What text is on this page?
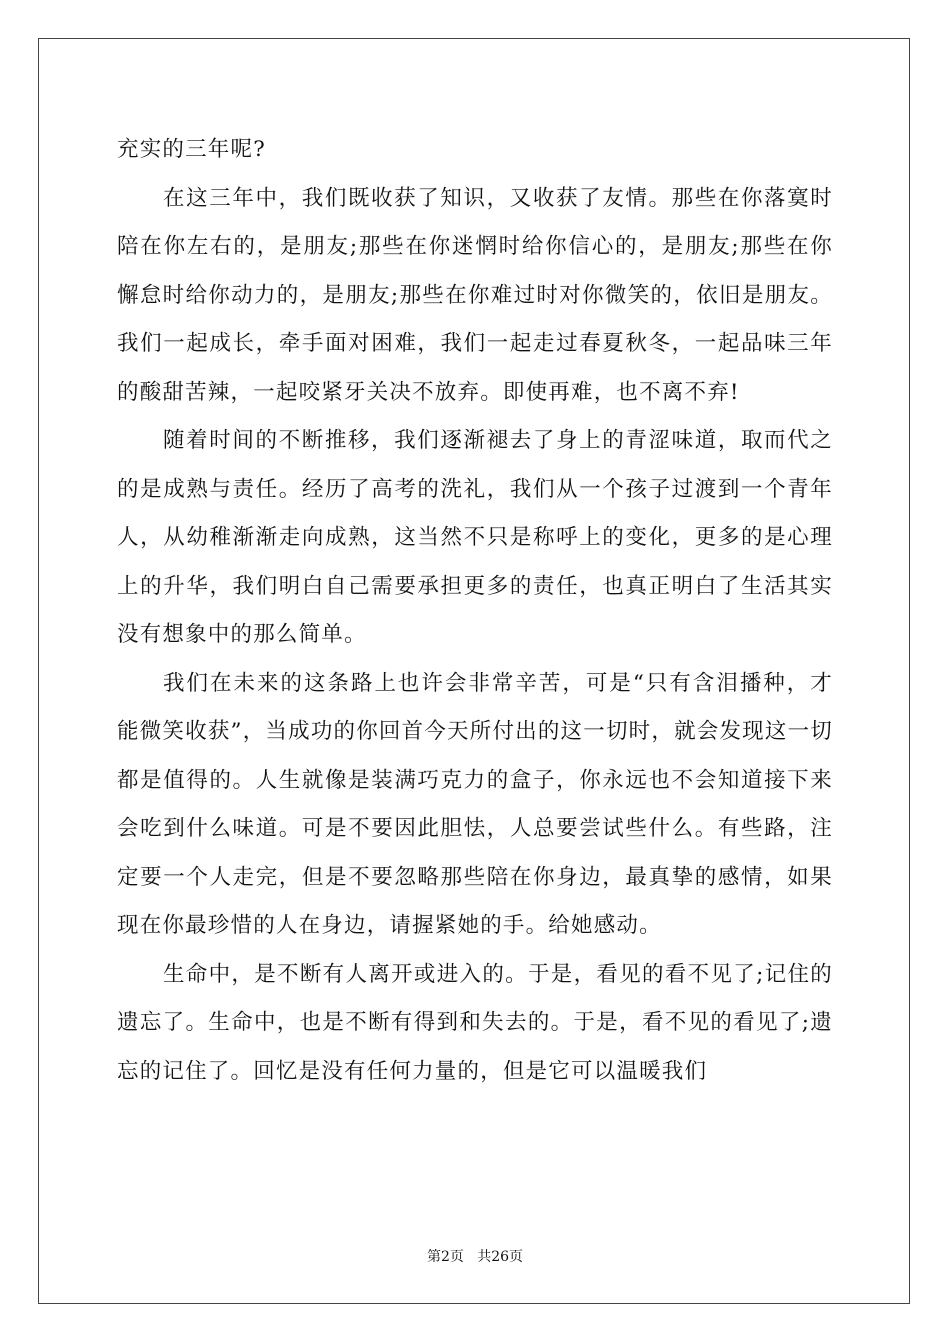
充实的三年呢?

在这三年中，我们既收获了知识，又收获了友情。那些在你落寞时陪在你左右的，是朋友;那些在你迷惘时给你信心的，是朋友;那些在你懈怠时给你动力的，是朋友;那些在你难过时对你微笑的，依旧是朋友。我们一起成长，牵手面对困难，我们一起走过春夏秋冬，一起品味三年的酸甜苦辣，一起咬紧牙关决不放弃。即使再难，也不离不弃!

随着时间的不断推移，我们逐渐褪去了身上的青涩味道，取而代之的是成熟与责任。经历了高考的洗礼，我们从一个孩子过渡到一个青年人，从幼稚渐渐走向成熟，这当然不只是称呼上的变化，更多的是心理上的升华，我们明白自己需要承担更多的责任，也真正明白了生活其实没有想象中的那么简单。

我们在未来的这条路上也许会非常辛苦，可是“只有含泪播种，才能微笑收获”，当成功的你回首今天所付出的这一切时，就会发现这一切都是值得的。人生就像是装满巧克力的盒子，你永远也不会知道接下来会吃到什么味道。可是不要因此胆怯，人总要尝试些什么。有些路，注定要一个人走完，但是不要忽略那些陪在你身边，最真挚的感情，如果现在你最珍惜的人在身边，请握紧她的手。给她感动。

生命中，是不断有人离开或进入的。于是，看见的看不见了;记住的遗忘了。生命中，也是不断有得到和失去的。于是，看不见的看见了;遗忘的记住了。回忆是没有任何力量的，但是它可以温暖我们

第2页   共26页
